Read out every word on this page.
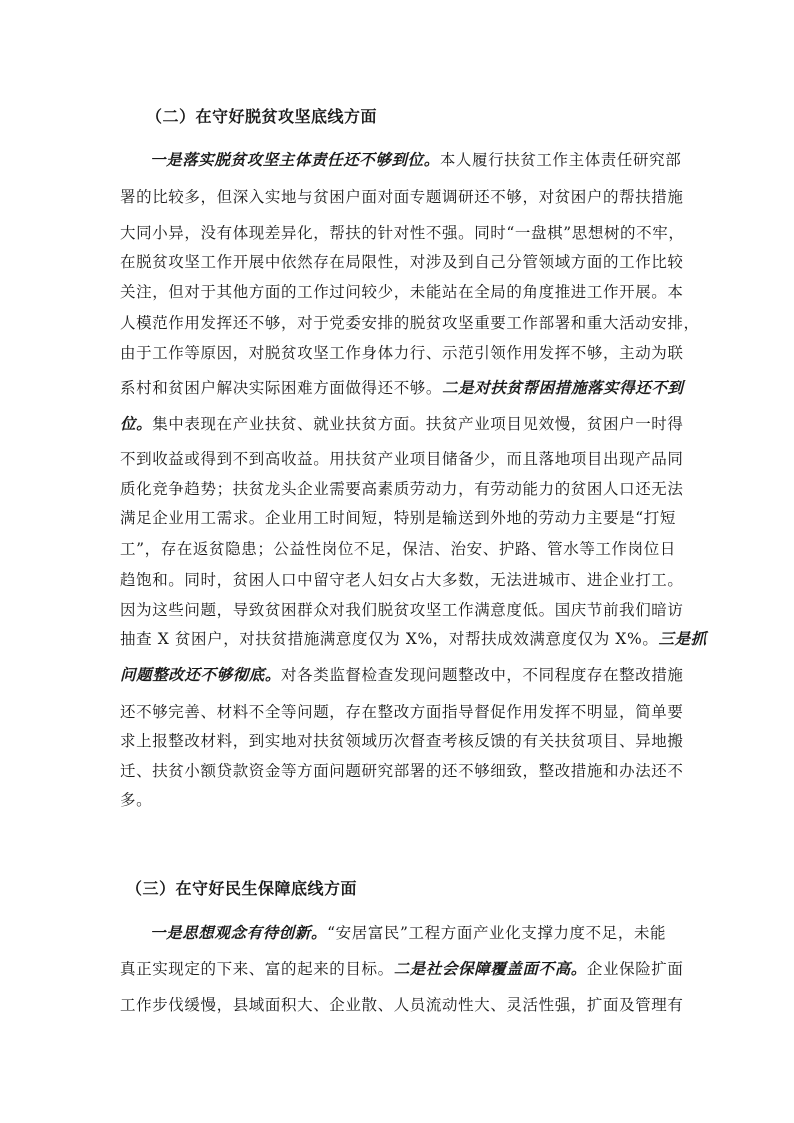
（二）在守好脱贫攻坚底线方面
一是落实脱贫攻坚主体责任还不够到位。本人履行扶贫工作主体责任研究部
署的比较多，但深入实地与贫困户面对面专题调研还不够，对贫困户的帮扶措施
大同小异，没有体现差异化，帮扶的针对性不强。同时“一盘棋”思想树的不牢，
在脱贫攻坚工作开展中依然存在局限性，对涉及到自己分管领域方面的工作比较
关注，但对于其他方面的工作过问较少，未能站在全局的角度推进工作开展。本
人模范作用发挥还不够，对于党委安排的脱贫攻坚重要工作部署和重大活动安排，
由于工作等原因，对脱贫攻坚工作身体力行、示范引领作用发挥不够，主动为联
系村和贫困户解决实际困难方面做得还不够。二是对扶贫帮困措施落实得还不到
位。集中表现在产业扶贫、就业扶贫方面。扶贫产业项目见效慢，贫困户一时得
不到收益或得到不到高收益。用扶贫产业项目储备少，而且落地项目出现产品同
质化竞争趋势；扶贫龙头企业需要高素质劳动力，有劳动能力的贫困人口还无法
满足企业用工需求。企业用工时间短，特别是输送到外地的劳动力主要是“打短
工”，存在返贫隐患；公益性岗位不足，保洁、治安、护路、管水等工作岗位日
趋饱和。同时，贫困人口中留守老人妇女占大多数，无法进城市、进企业打工。
因为这些问题，导致贫困群众对我们脱贫攻坚工作满意度低。国庆节前我们暗访
抽查 X 贫困户，对扶贫措施满意度仅为 X%，对帮扶成效满意度仅为 X%。三是抓
问题整改还不够彻底。对各类监督检查发现问题整改中，不同程度存在整改措施
还不够完善、材料不全等问题，存在整改方面指导督促作用发挥不明显，简单要
求上报整改材料，到实地对扶贫领域历次督查考核反馈的有关扶贫项目、异地搬
迁、扶贫小额贷款资金等方面问题研究部署的还不够细致，整改措施和办法还不
多。
（三）在守好民生保障底线方面
一是思想观念有待创新。“安居富民”工程方面产业化支撑力度不足，未能
真正实现定的下来、富的起来的目标。二是社会保障覆盖面不高。企业保险扩面
工作步伐缓慢，县域面积大、企业散、人员流动性大、灵活性强，扩面及管理有
